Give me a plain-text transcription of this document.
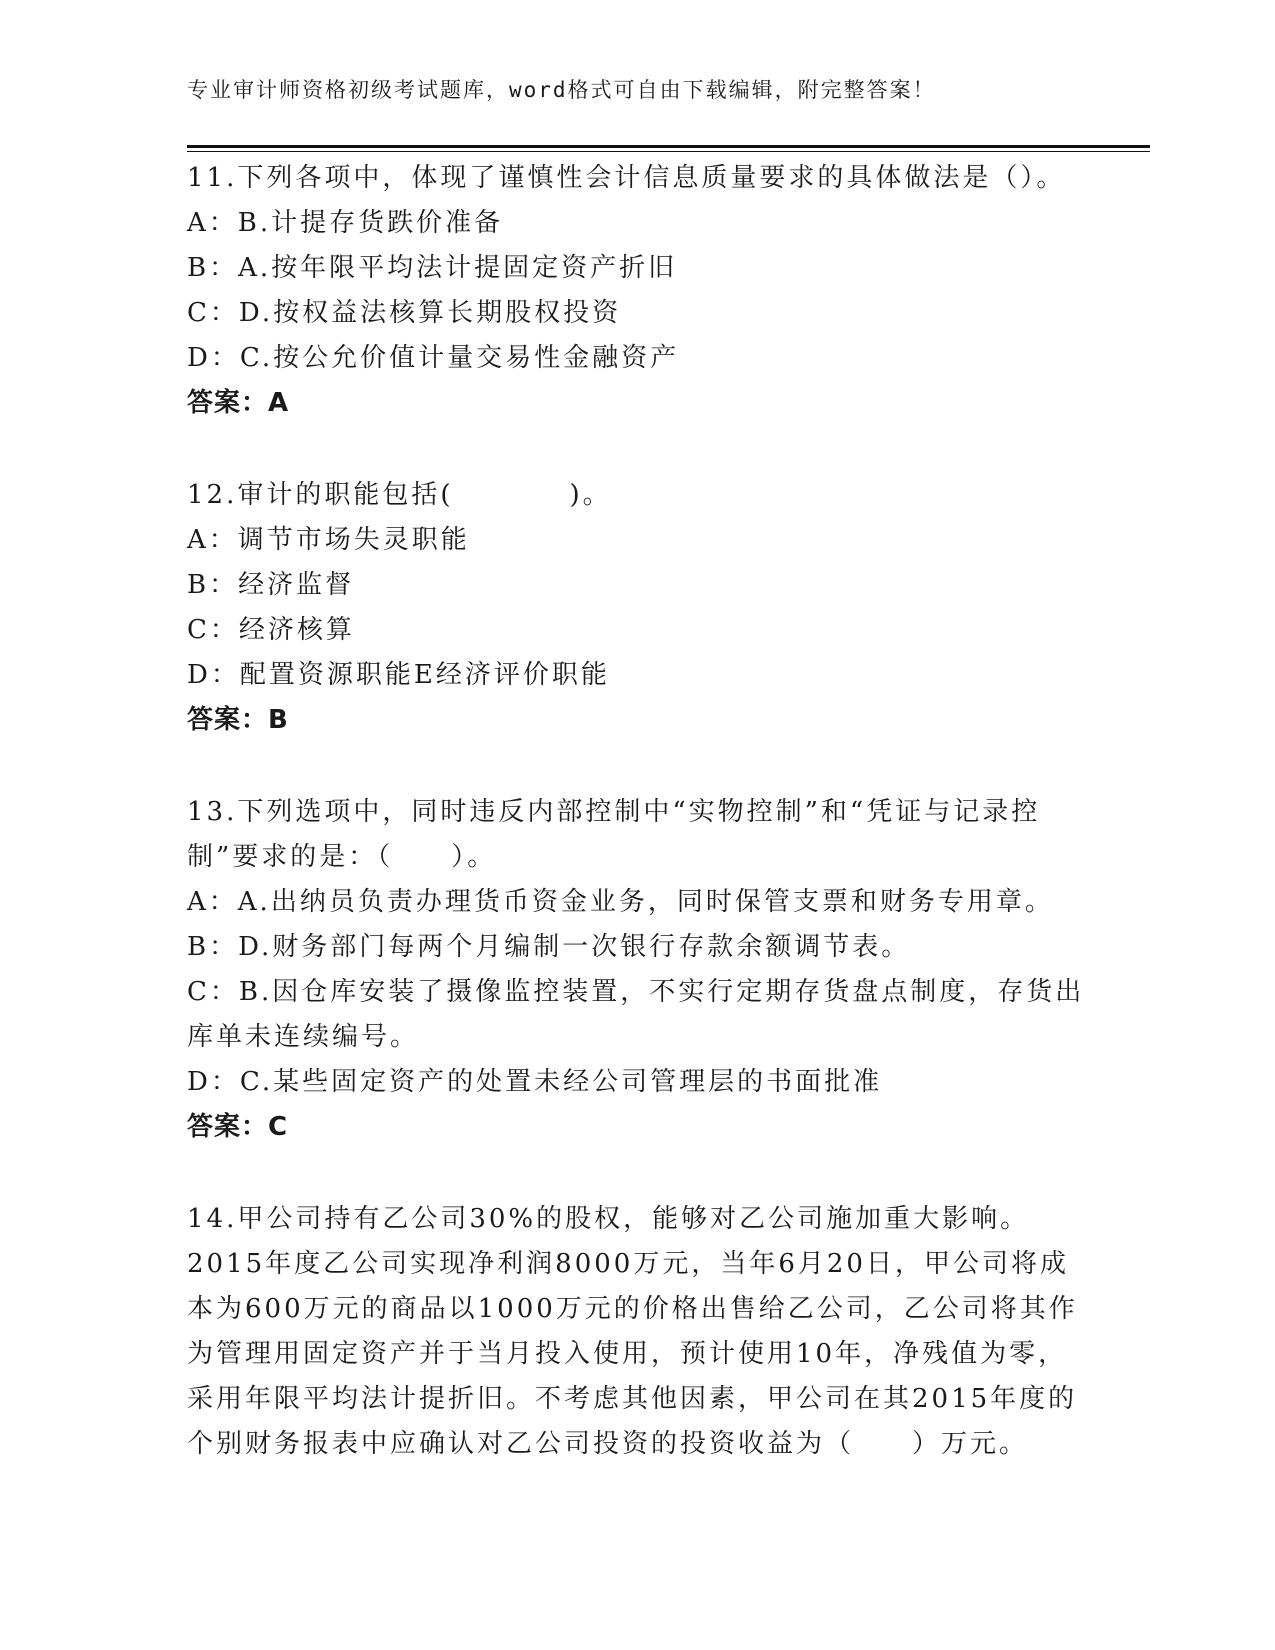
专业审计师资格初级考试题库，word格式可自由下载编辑，附完整答案！

11.下列各项中，体现了谨慎性会计信息质量要求的具体做法是（）。

A：B.计提存货跌价准备

B：A.按年限平均法计提固定资产折旧

C：D.按权益法核算长期股权投资

D：C.按公允价值计量交易性金融资产

答案：A

12.审计的职能包括(　　　　)。

A：调节市场失灵职能

B：经济监督

C：经济核算

D：配置资源职能E经济评价职能

答案：B

13.下列选项中，同时违反内部控制中“实物控制”和“凭证与记录控制”要求的是：（　　）。

A：A.出纳员负责办理货币资金业务，同时保管支票和财务专用章。

B：D.财务部门每两个月编制一次银行存款余额调节表。

C：B.因仓库安装了摄像监控装置，不实行定期存货盘点制度，存货出库单未连续编号。

D：C.某些固定资产的处置未经公司管理层的书面批准

答案：C

14.甲公司持有乙公司30%的股权，能够对乙公司施加重大影响。2015年度乙公司实现净利润8000万元，当年6月20日，甲公司将成本为600万元的商品以1000万元的价格出售给乙公司，乙公司将其作为管理用固定资产并于当月投入使用，预计使用10年，净残值为零，采用年限平均法计提折旧。不考虑其他因素，甲公司在其2015年度的个别财务报表中应确认对乙公司投资的投资收益为（　　）万元。
